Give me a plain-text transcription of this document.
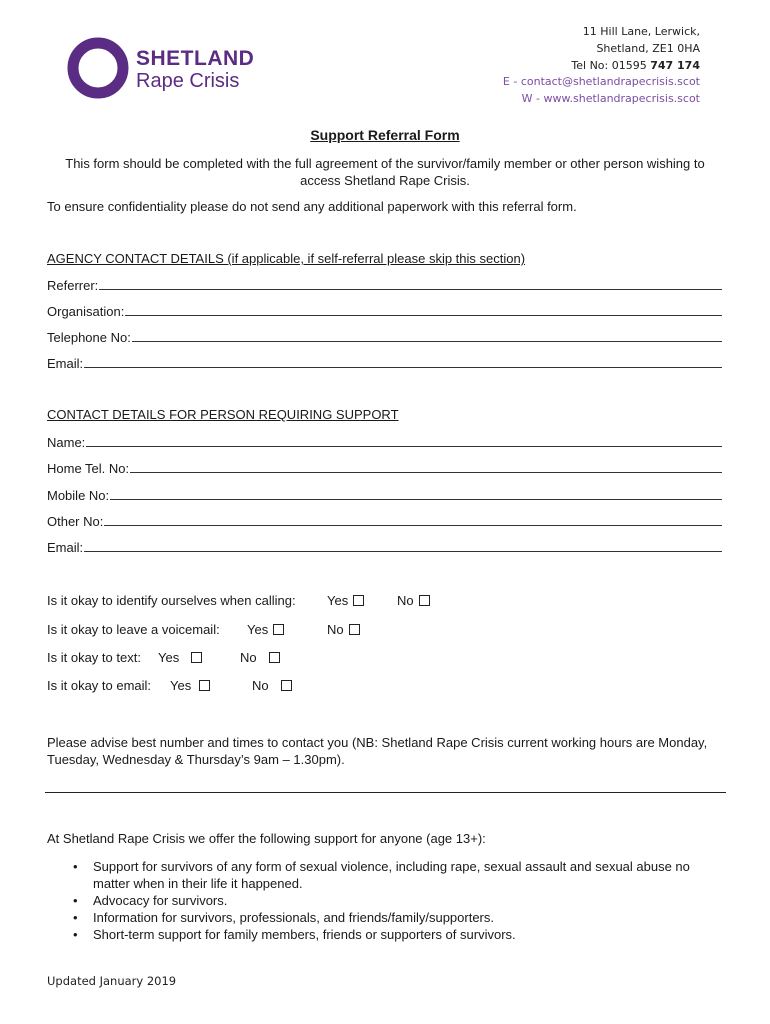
SHETLAND
Rape Crisis
11 Hill Lane, Lerwick,
Shetland, ZE1 0HA
Tel No: 01595 747 174
E - contact@shetlandrapecrisis.scot
W - www.shetlandrapecrisis.scot
Support Referral Form
This form should be completed with the full agreement of the survivor/family member or other person wishing to access Shetland Rape Crisis.
To ensure confidentiality please do not send any additional paperwork with this referral form.
AGENCY CONTACT DETAILS (if applicable, if self-referral please skip this section)
Referrer:
Organisation:
Telephone No:
Email:
CONTACT DETAILS FOR PERSON REQUIRING SUPPORT
Name:
Home Tel. No:
Mobile No:
Other No:
Email:
Is it okay to identify ourselves when calling: Yes	No
Is it okay to leave a voicemail: Yes	No
Is it okay to text: Yes	No
Is it okay to email: Yes	No
Please advise best number and times to contact you (NB: Shetland Rape Crisis current working hours are Monday, Tuesday, Wednesday & Thursday’s 9am – 1.30pm).
At Shetland Rape Crisis we offer the following support for anyone (age 13+):
• Support for survivors of any form of sexual violence, including rape, sexual assault and sexual abuse no matter when in their life it happened.
• Advocacy for survivors.
• Information for survivors, professionals, and friends/family/supporters.
• Short-term support for family members, friends or supporters of survivors.
Updated January 2019
